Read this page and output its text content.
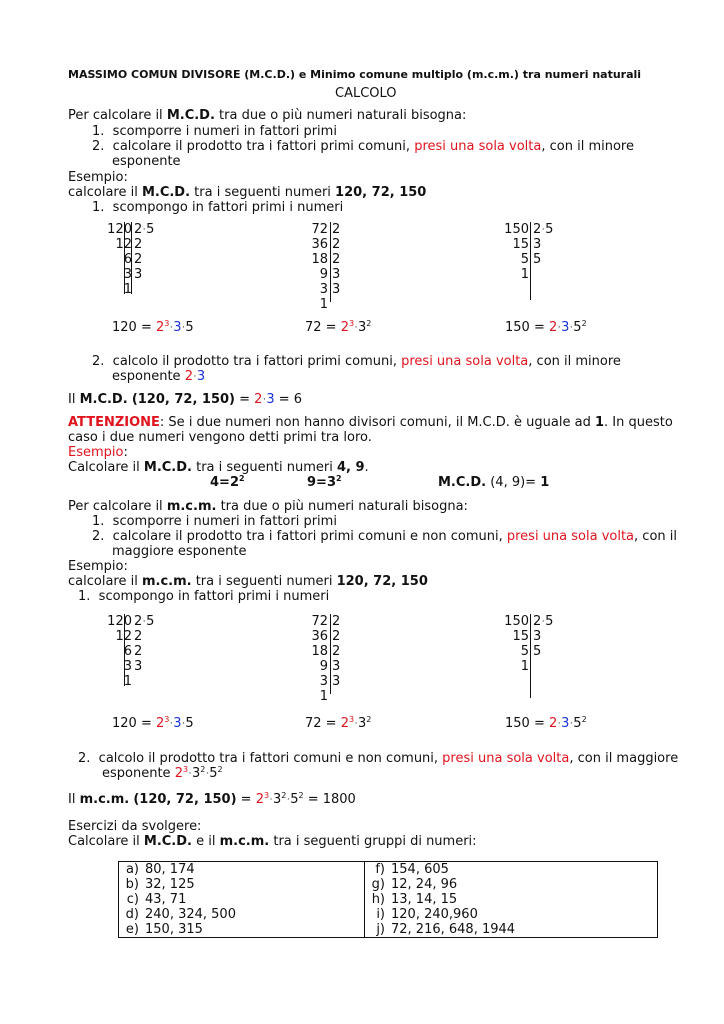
MASSIMO COMUN DIVISORE (M.C.D.) e Minimo comune multiplo (m.c.m.) tra numeri naturali
CALCOLO
Per calcolare il M.C.D. tra due o più numeri naturali bisogna:
1.  scomporre i numeri in fattori primi
2.  calcolare il prodotto tra i fattori primi comuni, presi una sola volta, con il minore
esponente
Esempio:
calcolare il M.C.D. tra i seguenti numeri 120, 72, 150
1.  scompongo in fattori primi i numeri
120 2·5
12 2
6 2
3 3
1
72 2
36 2
18 2
9 3
3 3
1
150 2·5
15 3
5 5
1
$120 = 2^3\cdot 3\cdot 5$	$72 = 2^3\cdot 3^2$	$150 = 2\cdot 3\cdot 5^2$
2.  calcolo il prodotto tra i fattori primi comuni, presi una sola volta, con il minore
esponente 2·3
Il M.C.D. (120, 72, 150) = 2·3 = 6
ATTENZIONE: Se i due numeri non hanno divisori comuni, il M.C.D. è uguale ad 1. In questo
caso i due numeri vengono detti primi tra loro.
Esempio:
Calcolare il M.C.D. tra i seguenti numeri 4, 9.
$4=2^2$	$9=3^2$	M.C.D. (4, 9)= 1
Per calcolare il m.c.m. tra due o più numeri naturali bisogna:
1.  scomporre i numeri in fattori primi
2.  calcolare il prodotto tra i fattori primi comuni e non comuni, presi una sola volta, con il
maggiore esponente
Esempio:
calcolare il m.c.m. tra i seguenti numeri 120, 72, 150
1.  scompongo in fattori primi i numeri
120 2·5
12 2
6 2
3 3
1
72 2
36 2
18 2
9 3
3 3
1
150 2·5
15 3
5 5
1
$120 = 2^3\cdot 3\cdot 5$	$72 = 2^3\cdot 3^2$	$150 = 2\cdot 3\cdot 5^2$
2.  calcolo il prodotto tra i fattori comuni e non comuni, presi una sola volta, con il maggiore
esponente $2^3\cdot 3^2\cdot 5^2$
Il m.c.m. (120, 72, $150) = 2^3\cdot 3^2\cdot 5^2 = 1800$
Esercizi da svolgere:
Calcolare il M.C.D. e il m.c.m. tra i seguenti gruppi di numeri:
a) 80, 174
b) 32, 125
c) 43, 71
d) 240, 324, 500
e) 150, 315

f) 154, 605
g) 12, 24, 96
h) 13, 14, 15
i) 120, 240,960
j) 72, 216, 648, 1944
